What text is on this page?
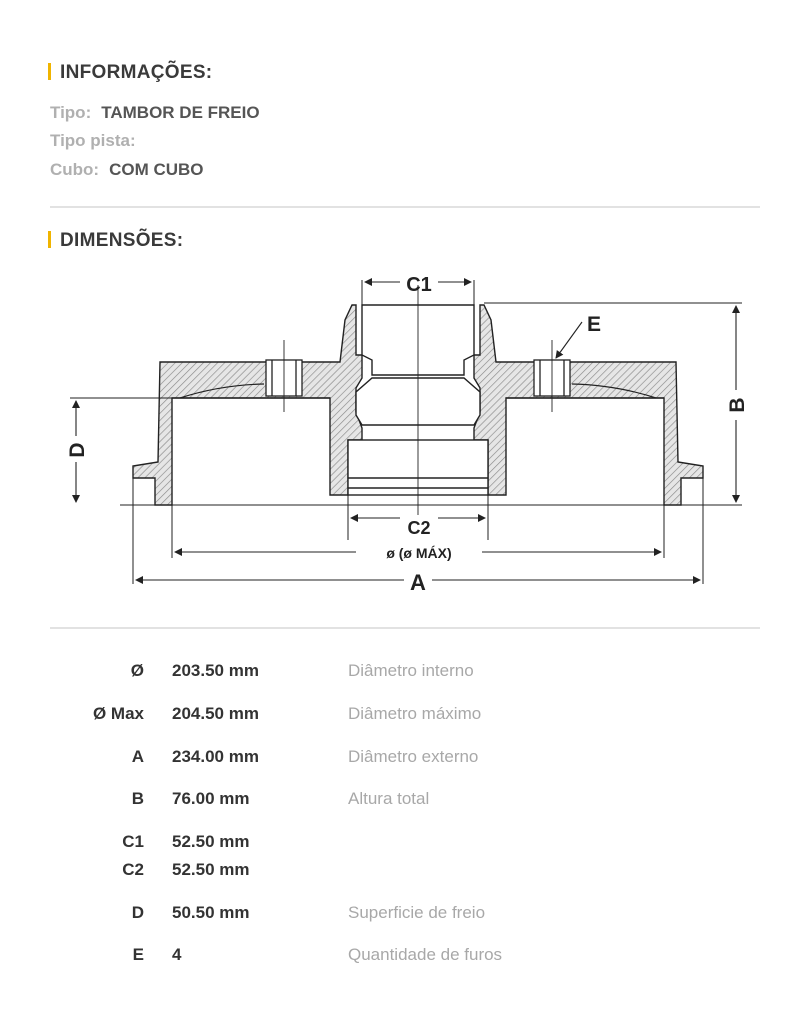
INFORMAÇÕES:
Tipo: TAMBOR DE FREIO
Tipo pista:
Cubo: COM CUBO
DIMENSÕES:
C1
C2
ø (ø MÁX)
A
E
B
D
Ø 203.50 mm	Diâmetro interno
Ø Max 204.50 mm	Diâmetro máximo
A 234.00 mm	Diâmetro externo
B 76.00 mm	Altura total
C1 52.50 mm
C2 52.50 mm
D 50.50 mm	Superficie de freio
E 4	Quantidade de furos
